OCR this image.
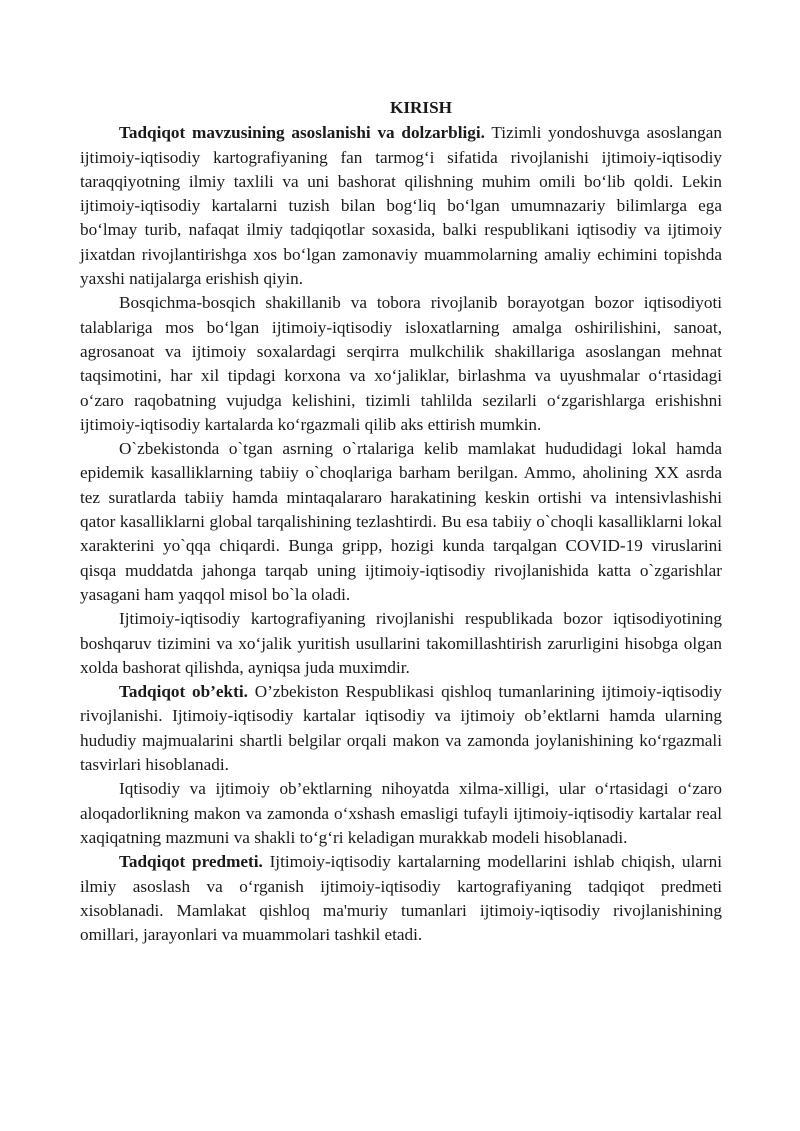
KIRISH

Tadqiqot mavzusining asoslanishi va dolzarbligi. Tizimli yondoshuvga asoslangan ijtimoiy-iqtisodiy kartografiyaning fan tarmog‘i sifatida rivojlanishi ijtimoiy-iqtisodiy taraqqiyotning ilmiy taxlili va uni bashorat qilishning muhim omili bo‘lib qoldi. Lekin ijtimoiy-iqtisodiy kartalarni tuzish bilan bog‘liq bo‘lgan umumnazariy bilimlarga ega bo‘lmay turib, nafaqat ilmiy tadqiqotlar soxasida, balki respublikani iqtisodiy va ijtimoiy jixatdan rivojlantirishga xos bo‘lgan zamonaviy muammolarning amaliy echimini topishda yaxshi natijalarga erishish qiyin.

Bosqichma-bosqich shakillanib va tobora rivojlanib borayotgan bozor iqtisodiyoti talablariga mos bo‘lgan ijtimoiy-iqtisodiy isloxatlarning amalga oshirilishini, sanoat, agrosanoat va ijtimoiy soxalardagi serqirra mulkchilik shakillariga asoslangan mehnat taqsimotini, har xil tipdagi korxona va xo‘jaliklar, birlashma va uyushmalar o‘rtasidagi o‘zaro raqobatning vujudga kelishini, tizimli tahlilda sezilarli o‘zgarishlarga erishishni ijtimoiy-iqtisodiy kartalarda ko‘rgazmali qilib aks ettirish mumkin.

O`zbekistonda o`tgan asrning o`rtalariga kelib mamlakat hududidagi lokal hamda epidemik kasalliklarning tabiiy o`choqlariga barham berilgan. Ammo, aholining XX asrda tez suratlarda tabiiy hamda mintaqalararo harakatining keskin ortishi va intensivlashishi qator kasalliklarni global tarqalishining tezlashtirdi. Bu esa tabiiy o`choqli kasalliklarni lokal xarakterini yo`qqa chiqardi. Bunga gripp, hozigi kunda tarqalgan COVID-19 viruslarini qisqa muddatda jahonga tarqab uning ijtimoiy-iqtisodiy rivojlanishida katta o`zgarishlar yasagani ham yaqqol misol bo`la oladi.

Ijtimoiy-iqtisodiy kartografiyaning rivojlanishi respublikada bozor iqtisodiyotining boshqaruv tizimini va xo‘jalik yuritish usullarini takomillashtirish zarurligini hisobga olgan xolda bashorat qilishda, ayniqsa juda muximdir.

Tadqiqot ob’ekti. O’zbekiston Respublikasi qishloq tumanlarining ijtimoiy-iqtisodiy rivojlanishi. Ijtimoiy-iqtisodiy kartalar iqtisodiy va ijtimoiy ob’ektlarni hamda ularning hududiy majmualarini shartli belgilar orqali makon va zamonda joylanishining ko‘rgazmali tasvirlari hisoblanadi.

Iqtisodiy va ijtimoiy ob’ektlarning nihoyatda xilma-xilligi, ular o‘rtasidagi o‘zaro aloqadorlikning makon va zamonda o‘xshash emasligi tufayli ijtimoiy-iqtisodiy kartalar real xaqiqatning mazmuni va shakli to‘g‘ri keladigan murakkab modeli hisoblanadi.

Tadqiqot predmeti. Ijtimoiy-iqtisodiy kartalarning modellarini ishlab chiqish, ularni ilmiy asoslash va o‘rganish ijtimoiy-iqtisodiy kartografiyaning tadqiqot predmeti xisoblanadi. Mamlakat qishloq ma'muriy tumanlari ijtimoiy-iqtisodiy rivojlanishining omillari, jarayonlari va muammolari tashkil etadi.
